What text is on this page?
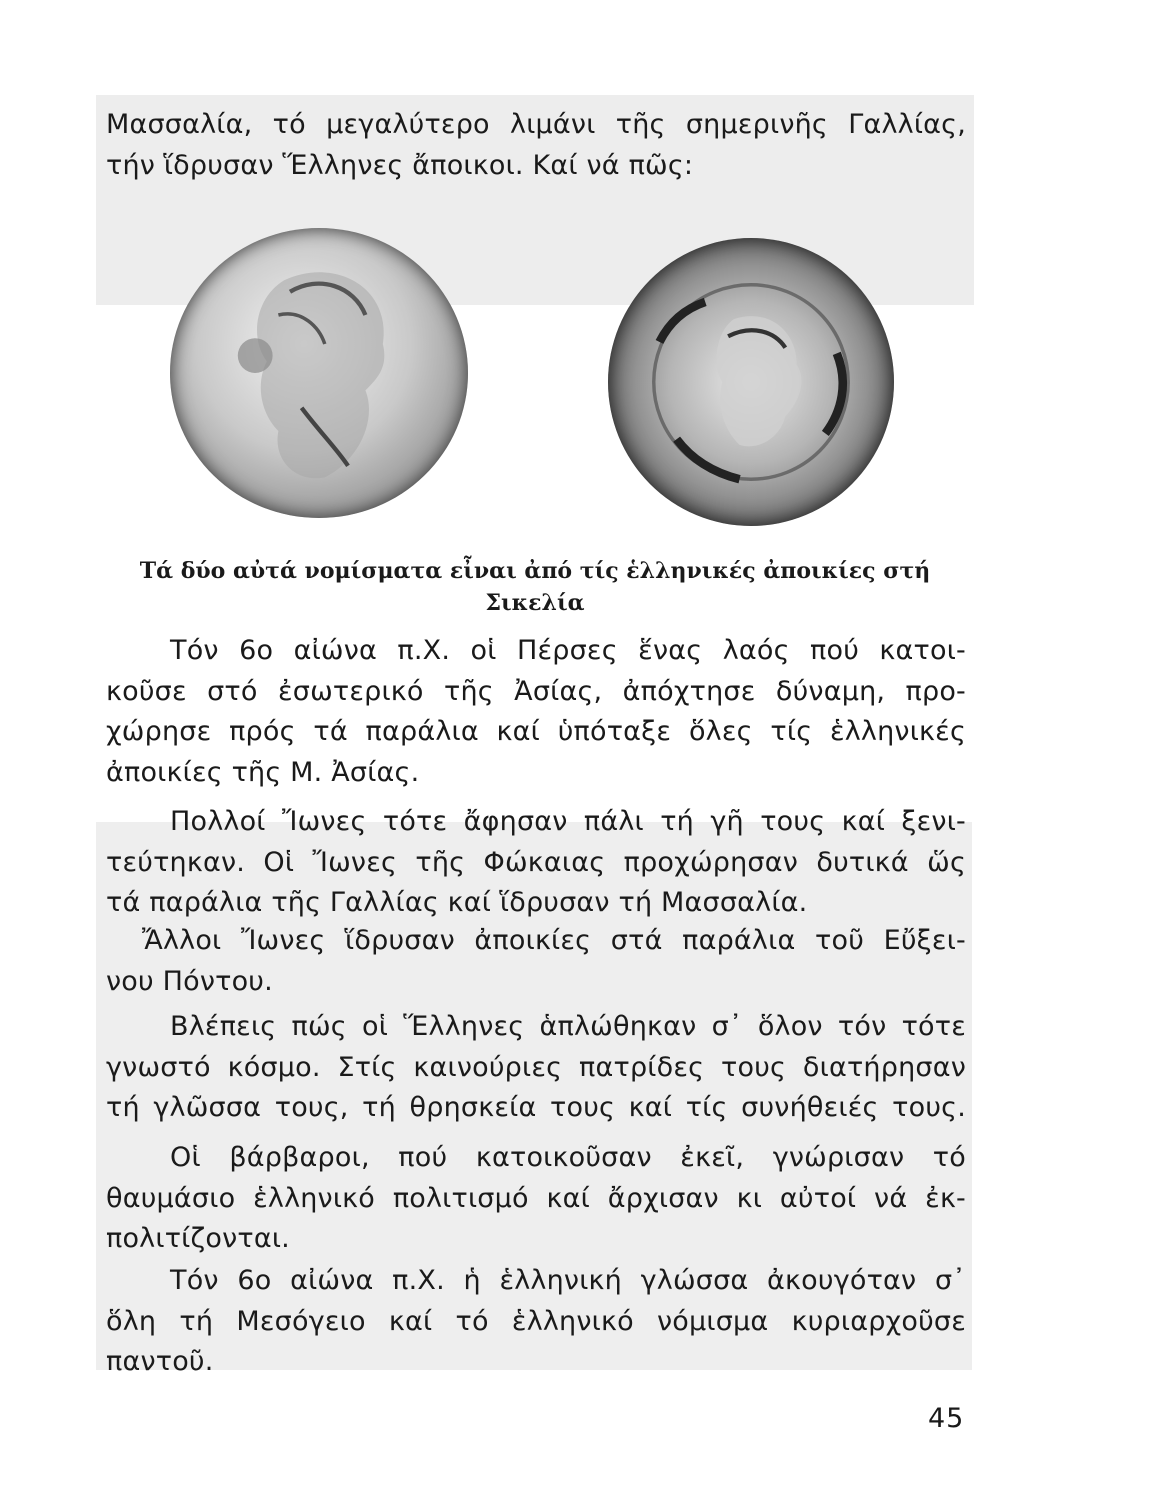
Μασσαλία, τό μεγαλύτερο λιμάνι τῆς σημερινῆς Γαλλίας,
τήν ἵδρυσαν Ἕλληνες ἄποικοι. Καί νά πῶς:
Τά δύο αὐτά νομίσματα εἶναι ἀπό τίς ἑλληνικές ἀποικίες στή
Σικελία
Τόν 6ο αἰώνα π.Χ. οἱ Πέρσες ἕνας λαός πού κατοι-
κοῦσε στό ἐσωτερικό τῆς Ἀσίας, ἀπόχτησε δύναμη, προ-
χώρησε πρός τά παράλια καί ὑπόταξε ὅλες τίς ἑλληνικές
ἀποικίες τῆς Μ. Ἀσίας.
Πολλοί Ἴωνες τότε ἄφησαν πάλι τή γῆ τους καί ξενι-
τεύτηκαν. Οἱ Ἴωνες τῆς Φώκαιας προχώρησαν δυτικά ὥς
τά παράλια τῆς Γαλλίας καί ἵδρυσαν τή Μασσαλία.
Ἄλλοι Ἴωνες ἵδρυσαν ἀποικίες στά παράλια τοῦ Εὔξει-
νου Πόντου.
Βλέπεις πώς οἱ Ἕλληνες ἁπλώθηκαν σ᾽ ὅλον τόν τότε
γνωστό κόσμο. Στίς καινούριες πατρίδες τους διατήρησαν
τή γλῶσσα τους, τή θρησκεία τους καί τίς συνήθειές τους.
Οἱ βάρβαροι, πού κατοικοῦσαν ἐκεῖ, γνώρισαν τό
θαυμάσιο ἑλληνικό πολιτισμό καί ἄρχισαν κι αὐτοί νά ἐκ-
πολιτίζονται.
Τόν 6ο αἰώνα π.Χ. ἡ ἑλληνική γλώσσα ἀκουγόταν σ᾽
ὅλη τή Μεσόγειο καί τό ἑλληνικό νόμισμα κυριαρχοῦσε
παντοῦ.
45
